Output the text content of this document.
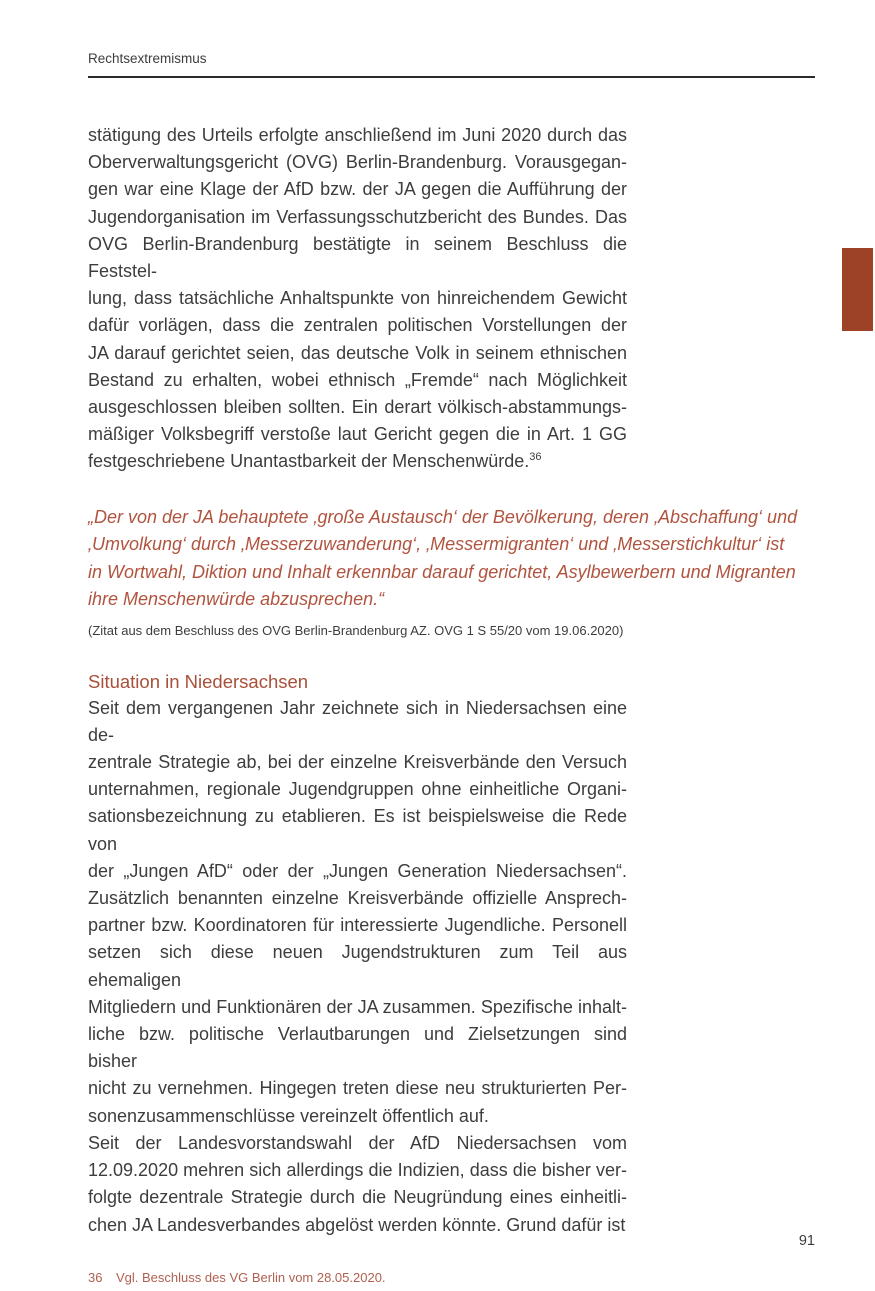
Rechtsextremismus
stätigung des Urteils erfolgte anschließend im Juni 2020 durch das
Oberverwaltungsgericht (OVG) Berlin-Brandenburg. Vorausgegan-
gen war eine Klage der AfD bzw. der JA gegen die Aufführung der
Jugendorganisation im Verfassungsschutzbericht des Bundes. Das
OVG Berlin-Brandenburg bestätigte in seinem Beschluss die Feststel-
lung, dass tatsächliche Anhaltspunkte von hinreichendem Gewicht
dafür vorlägen, dass die zentralen politischen Vorstellungen der
JA darauf gerichtet seien, das deutsche Volk in seinem ethnischen
Bestand zu erhalten, wobei ethnisch „Fremde“ nach Möglichkeit
ausgeschlossen bleiben sollten. Ein derart völkisch-abstammungs-
mäßiger Volksbegriff verstoße laut Gericht gegen die in Art. 1 GG
festgeschriebene Unantastbarkeit der Menschenwürde.$^{36}$
„Der von der JA behauptete ‚große Austausch‘ der Bevölkerung, deren ‚Abschaffung‘ und
‚Umvolkung‘ durch ‚Messerzuwanderung‘, ‚Messermigranten‘ und ‚Messerstichkultur‘ ist
in Wortwahl, Diktion und Inhalt erkennbar darauf gerichtet, Asylbewerbern und Migranten
ihre Menschenwürde abzusprechen.“
(Zitat aus dem Beschluss des OVG Berlin-Brandenburg AZ. OVG 1 S 55/20 vom 19.06.2020)
Situation in Niedersachsen
Seit dem vergangenen Jahr zeichnete sich in Niedersachsen eine de-
zentrale Strategie ab, bei der einzelne Kreisverbände den Versuch
unternahmen, regionale Jugendgruppen ohne einheitliche Organi-
sationsbezeichnung zu etablieren. Es ist beispielsweise die Rede von
der „Jungen AfD“ oder der „Jungen Generation Niedersachsen“.
Zusätzlich benannten einzelne Kreisverbände offizielle Ansprech-
partner bzw. Koordinatoren für interessierte Jugendliche. Personell
setzen sich diese neuen Jugendstrukturen zum Teil aus ehemaligen
Mitgliedern und Funktionären der JA zusammen. Spezifische inhalt-
liche bzw. politische Verlautbarungen und Zielsetzungen sind bisher
nicht zu vernehmen. Hingegen treten diese neu strukturierten Per-
sonenzusammenschlüsse vereinzelt öffentlich auf.
Seit der Landesvorstandswahl der AfD Niedersachsen vom
12.09.2020 mehren sich allerdings die Indizien, dass die bisher ver-
folgte dezentrale Strategie durch die Neugründung eines einheitli-
chen JA Landesverbandes abgelöst werden könnte. Grund dafür ist
36 Vgl. Beschluss des VG Berlin vom 28.05.2020.
91
